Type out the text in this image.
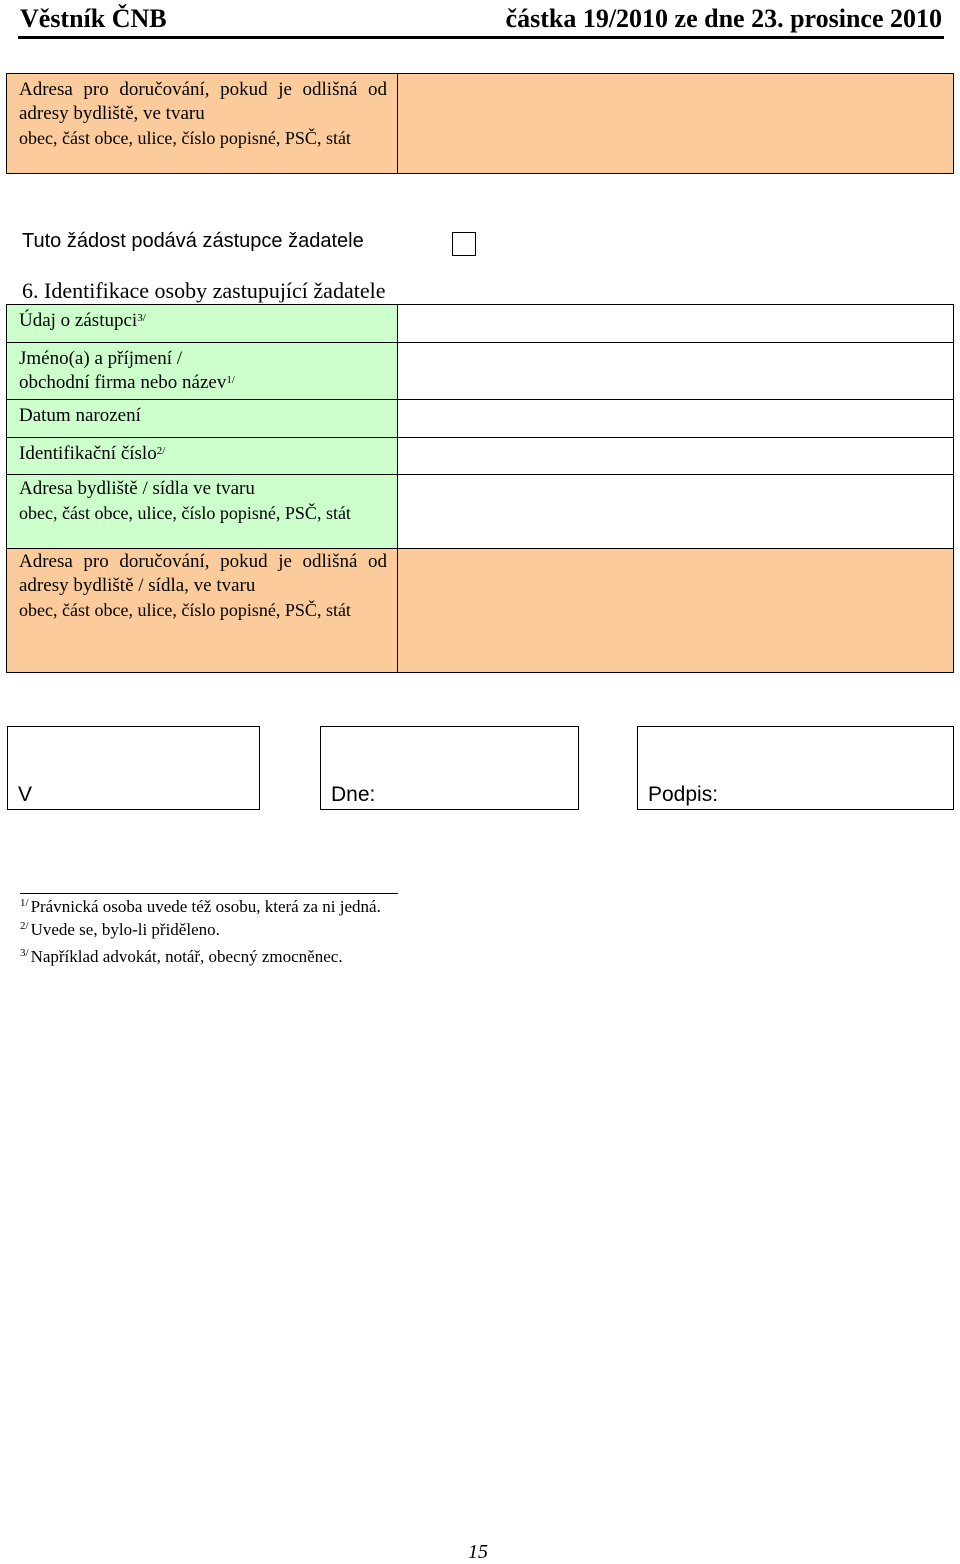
Věstník ČNB	částka 19/2010 ze dne 23. prosince 2010
Adresa pro doručování, pokud je odlišná od adresy bydliště, ve tvaru
obec, část obce, ulice, číslo popisné, PSČ, stát

Tuto žádost podává zástupce žadatele
6. Identifikace osoby zastupující žadatele
Údaj o zástupci$^{3/}$	

Jméno(a) a příjmení /
obchodní firma nebo název$^{1/}$

Datum narození	
Identifikační číslo$^{2/}$	

Adresa bydliště / sídla ve tvaru
obec, část obce, ulice, číslo popisné, PSČ, stát	

Adresa pro doručování, pokud je odlišná od adresy bydliště / sídla, ve tvaru
obec, část obce, ulice, číslo popisné, PSČ, stát	

V	Dne:	Podpis:
$^{1/}$ Právnická osoba uvede též osobu, která za ni jedná.
$^{2/}$ Uvede se, bylo-li přiděleno.
$^{3/}$ Například advokát, notář, obecný zmocněnec.
15
